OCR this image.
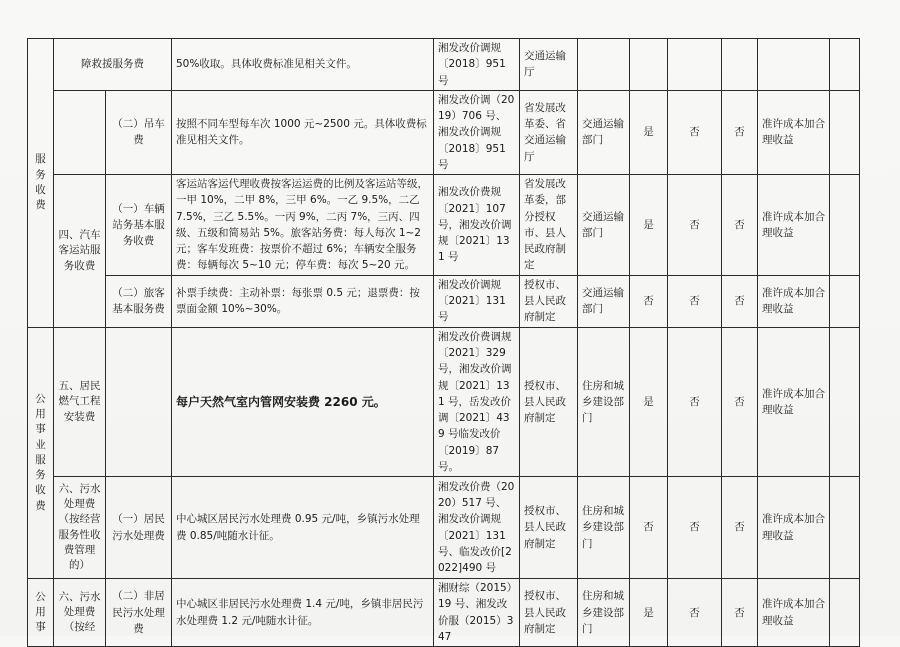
服务收费	障救援服务费		50%收取。具体收费标准见相关文件。	湘发改价调规〔2018〕951 号	交通运输厅						
		（二）吊车费	按照不同车型每车次 1000 元~2500 元。具体收费标准见相关文件。	湘发改价调（2019）706 号、湘发改价调规〔2018〕951 号	省发展改革委、省交通运输厅	交通运输部门	是	否	否	准许成本加合理收益	
	四、汽车客运站服务收费	（一）车辆站务基本服务收费	客运站客运代理收费按客运运费的比例及客运站等级，一甲 10%，二甲 8%，三甲 6%。一乙 9.5%，二乙 7.5%，三乙 5.5%。一丙 9%，二丙 7%，三丙、四级、五级和简易站 5%。旅客站务费：每人每次 1~2 元；客车发班费：按票价不超过 6%；车辆安全服务费：每辆每次 5~10 元；停车费：每次 5~20 元。	湘发改价费规〔2021〕107 号，湘发改价调规〔2021〕131 号	省发展改革委，部分授权市、县人民政府制定	交通运输部门	是	否	否	准许成本加合理收益	
		（二）旅客基本服务费	补票手续费：主动补票：每张票 0.5 元；退票费：按票面金额 10%~30%。	湘发改价调规〔2021〕131 号	授权市、县人民政府制定	交通运输部门	否	否	否	准许成本加合理收益	
公用事业服务收费	五、居民燃气工程安装费		每户天然气室内管网安装费 2260 元。	湘发改价费调规〔2021〕329 号，湘发改价调规〔2021〕131 号，岳发改价调〔2021〕439 号临发改价〔2019〕87 号。	授权市、县人民政府制定	住房和城乡建设部门	是	否	否	准许成本加合理收益	
	六、污水处理费（按经营服务性收费管理的）	（一）居民污水处理费	中心城区居民污水处理费 0.95 元/吨，乡镇污水处理费 0.85/吨随水计征。	湘发改价费（2020）517 号、湘发改价调规〔2021〕131 号、临发改价[2022]490 号	授权市、县人民政府制定	住房和城乡建设部门	否	否	否	准许成本加合理收益	
公用事	六、污水处理费（按经	（二）非居民污水处理费	中心城区非居民污水处理费 1.4 元/吨，乡镇非居民污水处理费 1.2 元/吨随水计征。	湘财综（2015）19 号、湘发改价服（2015）347	授权市、县人民政府制定	住房和城乡建设部门	是	否	否	准许成本加合理收益	
